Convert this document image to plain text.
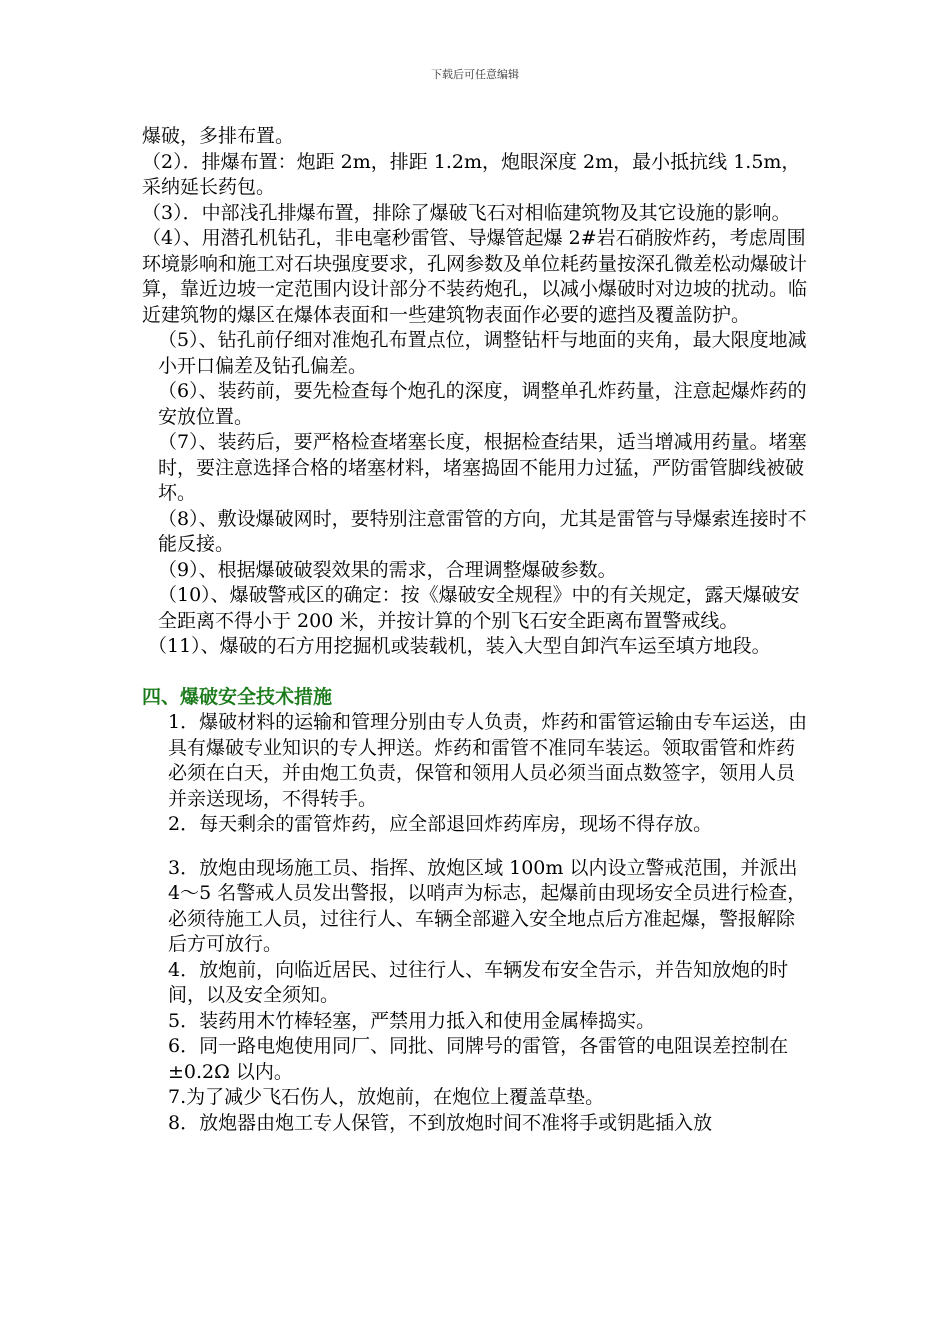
下载后可任意编辑

爆破，多排布置。

（2）．排爆布置：炮距 2m，排距 1.2m，炮眼深度 2m，最小抵抗线 1.5m，采纳延长药包。

（3）．中部浅孔排爆布置，排除了爆破飞石对相临建筑物及其它设施的影响。

（4）、用潜孔机钻孔，非电毫秒雷管、导爆管起爆 2#岩石硝胺炸药，考虑周围环境影响和施工对石块强度要求，孔网参数及单位耗药量按深孔微差松动爆破计算，靠近边坡一定范围内设计部分不装药炮孔，以减小爆破时对边坡的扰动。临近建筑物的爆区在爆体表面和一些建筑物表面作必要的遮挡及覆盖防护。

（5）、钻孔前仔细对准炮孔布置点位，调整钻杆与地面的夹角，最大限度地减小开口偏差及钻孔偏差。

（6）、装药前，要先检查每个炮孔的深度，调整单孔炸药量，注意起爆炸药的安放位置。

（7）、装药后，要严格检查堵塞长度，根据检查结果，适当增减用药量。堵塞时，要注意选择合格的堵塞材料，堵塞捣固不能用力过猛，严防雷管脚线被破坏。

（8）、敷设爆破网时，要特别注意雷管的方向，尤其是雷管与导爆索连接时不能反接。

（9）、根据爆破破裂效果的需求，合理调整爆破参数。

（10）、爆破警戒区的确定：按《爆破安全规程》中的有关规定，露天爆破安全距离不得小于 200 米，并按计算的个别飞石安全距离布置警戒线。

（11）、爆破的石方用挖掘机或装载机，装入大型自卸汽车运至填方地段。

四、爆破安全技术措施

1．爆破材料的运输和管理分别由专人负责，炸药和雷管运输由专车运送，由具有爆破专业知识的专人押送。炸药和雷管不准同车装运。领取雷管和炸药必须在白天，并由炮工负责，保管和领用人员必须当面点数签字，领用人员并亲送现场，不得转手。

2．每天剩余的雷管炸药，应全部退回炸药库房，现场不得存放。

3．放炮由现场施工员、指挥、放炮区域 100m 以内设立警戒范围，并派出 4～5 名警戒人员发出警报，以哨声为标志，起爆前由现场安全员进行检查，必须待施工人员，过往行人、车辆全部避入安全地点后方准起爆，警报解除后方可放行。

4．放炮前，向临近居民、过往行人、车辆发布安全告示，并告知放炮的时间，以及安全须知。

5．装药用木竹棒轻塞，严禁用力抵入和使用金属棒捣实。

6．同一路电炮使用同厂、同批、同牌号的雷管，各雷管的电阻误差控制在±0.2Ω 以内。

7.为了减少飞石伤人，放炮前，在炮位上覆盖草垫。

8．放炮器由炮工专人保管，不到放炮时间不准将手或钥匙插入放
